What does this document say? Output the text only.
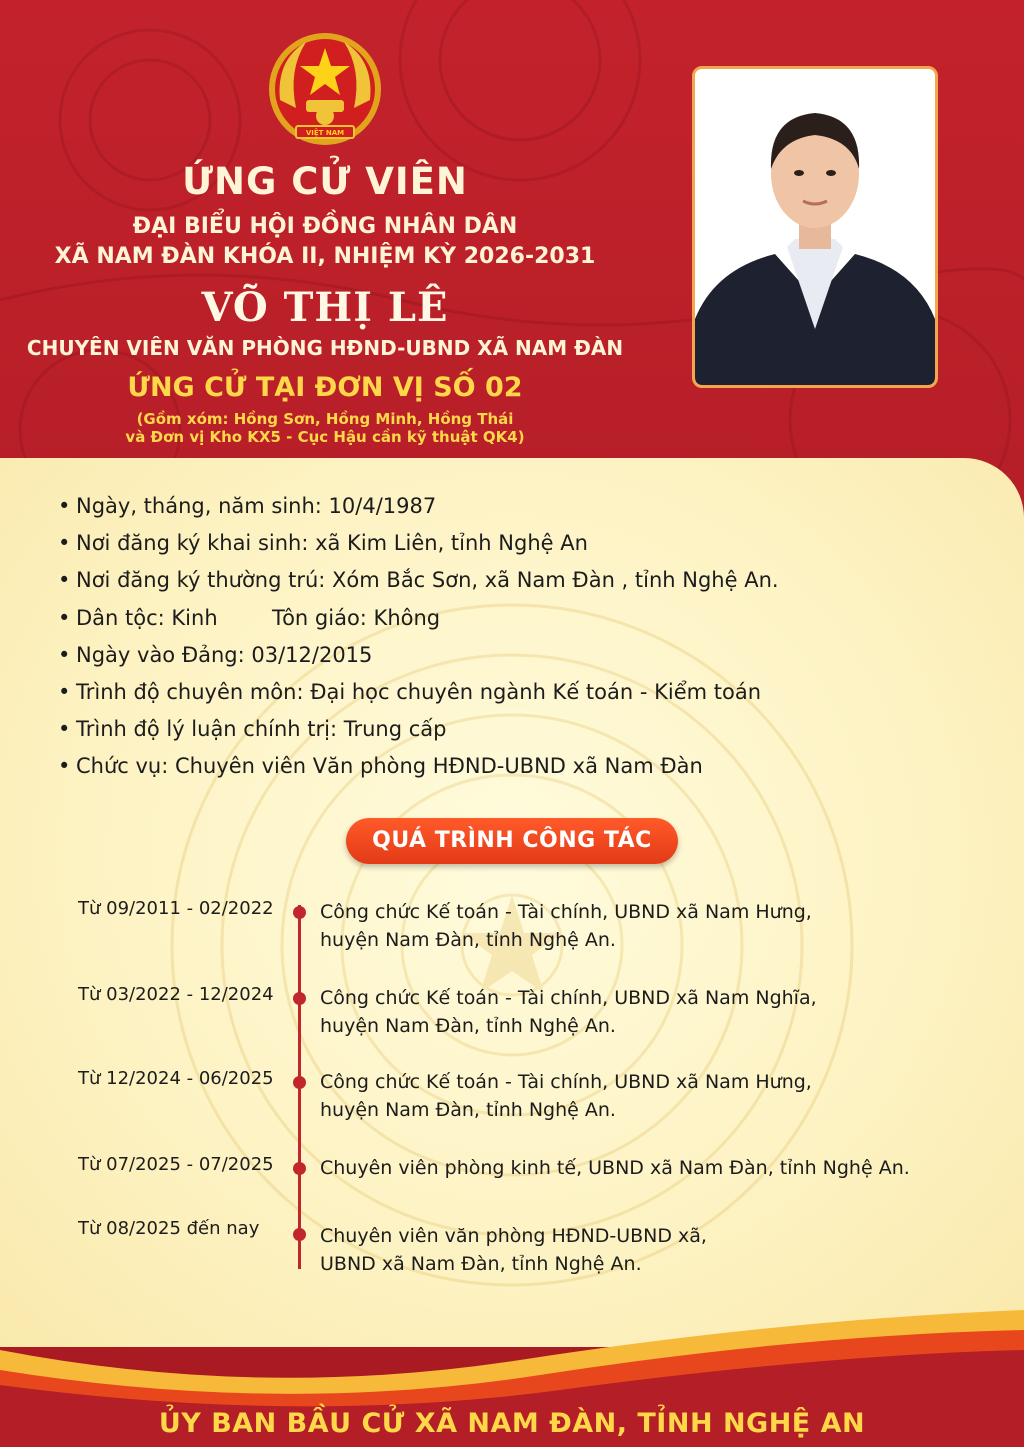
VIỆT NAM
ỨNG CỬ VIÊN
ĐẠI BIỂU HỘI ĐỒNG NHÂN DÂN
XÃ NAM ĐÀN KHÓA II, NHIỆM KỲ 2026-2031
VÕ THỊ LÊ
CHUYÊN VIÊN VĂN PHÒNG HĐND-UBND XÃ NAM ĐÀN
ỨNG CỬ TẠI ĐƠN VỊ SỐ 02
(Gồm xóm: Hồng Sơn, Hồng Minh, Hồng Thái
và Đơn vị Kho KX5 - Cục Hậu cần kỹ thuật QK4)
• Ngày, tháng, năm sinh: 10/4/1987
• Nơi đăng ký khai sinh: xã Kim Liên, tỉnh Nghệ An
• Nơi đăng ký thường trú: Xóm Bắc Sơn, xã Nam Đàn , tỉnh Nghệ An.
• Dân tộc: Kinh	Tôn giáo: Không
• Ngày vào Đảng: 03/12/2015
• Trình độ chuyên môn: Đại học chuyên ngành Kế toán - Kiểm toán
• Trình độ lý luận chính trị: Trung cấp
• Chức vụ: Chuyên viên Văn phòng HĐND-UBND xã Nam Đàn
QUÁ TRÌNH CÔNG TÁC
Từ 09/2011 - 02/2022	Công chức Kế toán - Tài chính, UBND xã Nam Hưng,
huyện Nam Đàn, tỉnh Nghệ An.
Từ 03/2022 - 12/2024	Công chức Kế toán - Tài chính, UBND xã Nam Nghĩa,
huyện Nam Đàn, tỉnh Nghệ An.
Từ 12/2024 - 06/2025	Công chức Kế toán - Tài chính, UBND xã Nam Hưng,
huyện Nam Đàn, tỉnh Nghệ An.
Từ 07/2025 - 07/2025	Chuyên viên phòng kinh tế, UBND xã Nam Đàn, tỉnh Nghệ An.
Từ 08/2025 đến nay	Chuyên viên văn phòng HĐND-UBND xã,
UBND xã Nam Đàn, tỉnh Nghệ An.
ỦY BAN BẦU CỬ XÃ NAM ĐÀN, TỈNH NGHỆ AN
